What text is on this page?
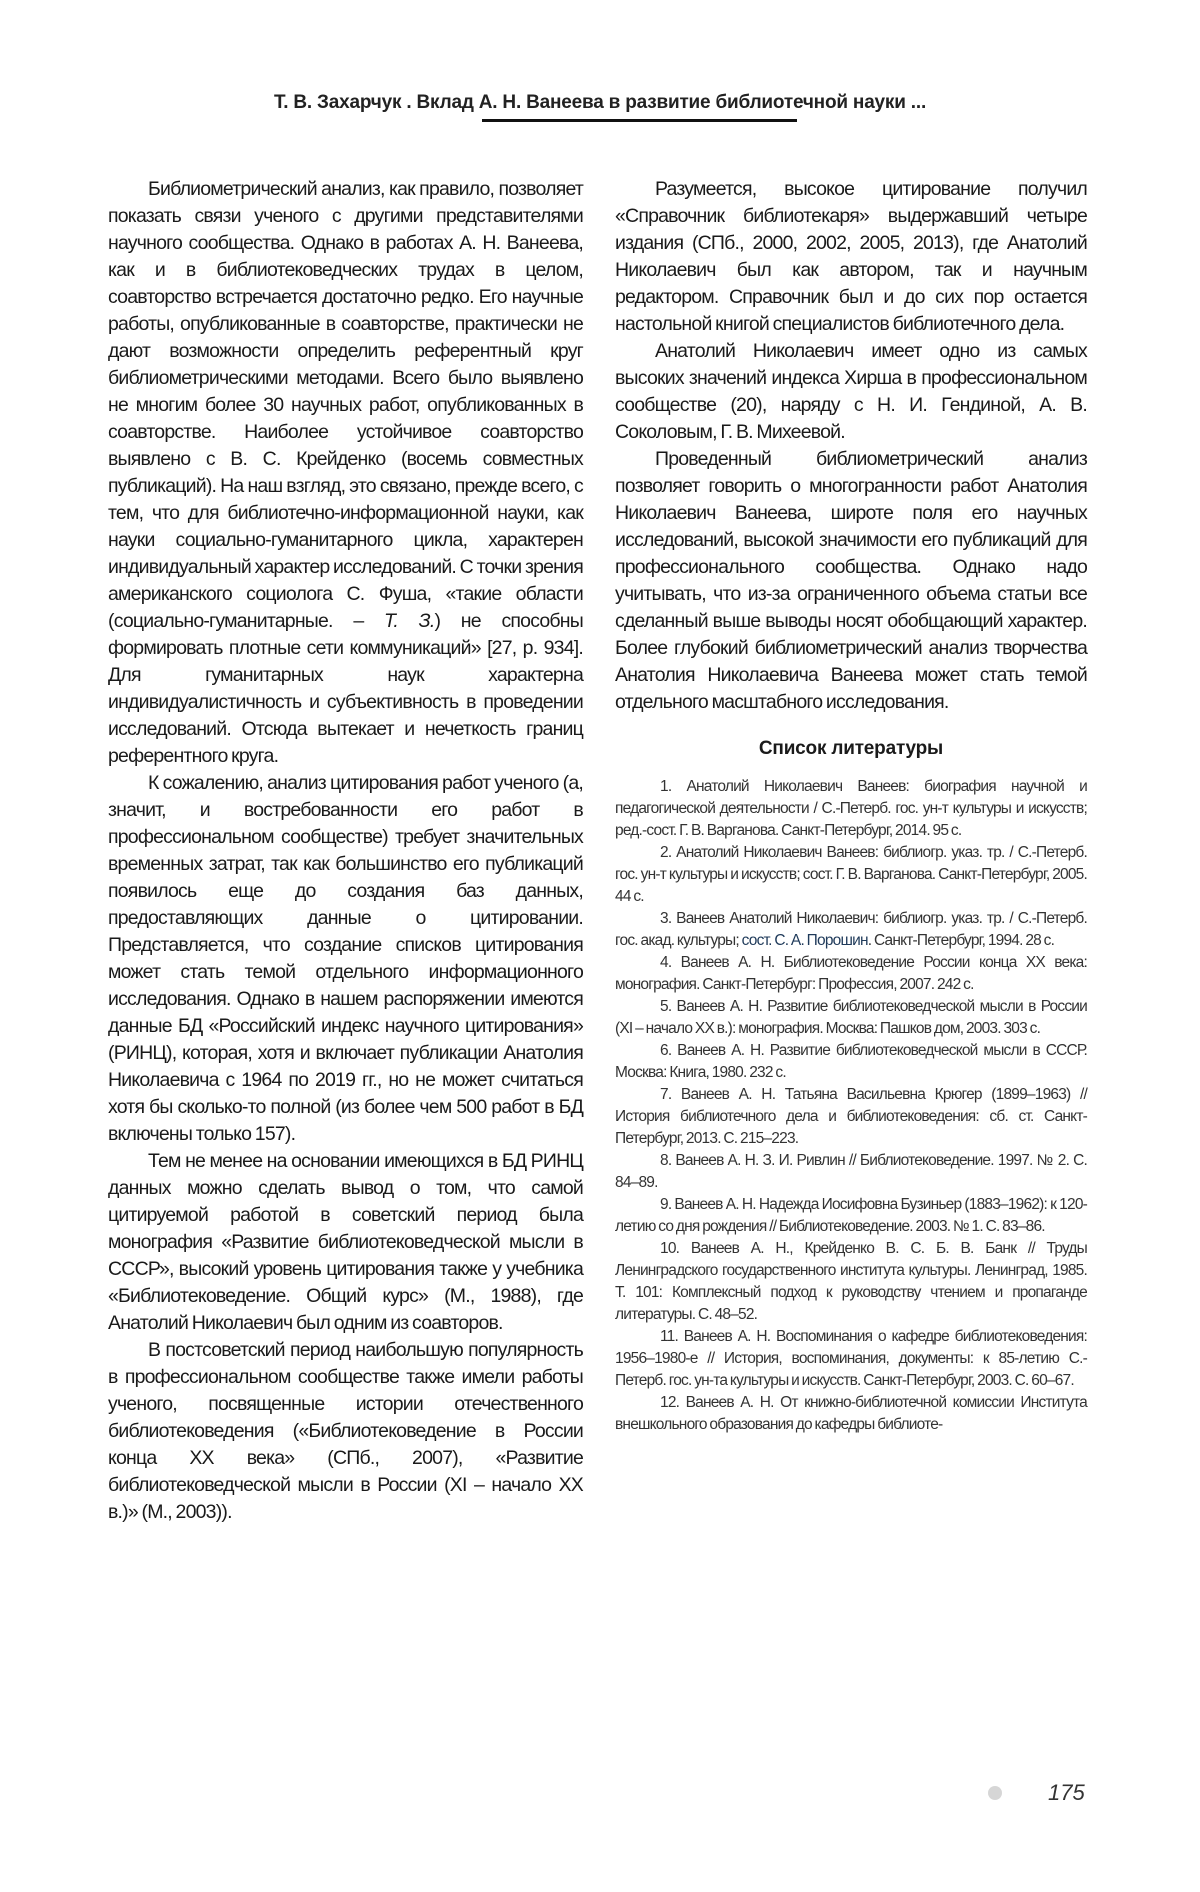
Т. В. Захарчук . Вклад А. Н. Ванеева в развитие библиотечной науки ...

Библиометрический анализ, как правило, позволяет показать связи ученого с другими представителями научного сообщества. Однако в работах А. Н. Ванеева, как и в библиотековедческих трудах в целом, соавторство встречается достаточно редко. Его научные работы, опубликованные в соавторстве, практически не дают возможности определить референтный круг библиометрическими методами. Всего было выявлено не многим более 30 научных работ, опубликованных в соавторстве. Наиболее устойчивое соавторство выявлено с В. С. Крейденко (восемь совместных публикаций). На наш взгляд, это связано, прежде всего, с тем, что для библиотечно-информационной науки, как науки социально-гуманитарного цикла, характерен индивидуальный характер исследований. С точки зрения американского социолога С. Фуша, «такие области (социально-гуманитарные. – Т. З.) не способны формировать плотные сети коммуникаций» [27, p. 934]. Для гуманитарных наук характерна индивидуалистичность и субъективность в проведении исследований. Отсюда вытекает и нечеткость границ референтного круга.

К сожалению, анализ цитирования работ ученого (а, значит, и востребованности его работ в профессиональном сообществе) требует значительных временных затрат, так как большинство его публикаций появилось еще до создания баз данных, предоставляющих данные о цитировании. Представляется, что создание списков цитирования может стать темой отдельного информационного исследования. Однако в нашем распоряжении имеются данные БД «Российский индекс научного цитирования» (РИНЦ), которая, хотя и включает публикации Анатолия Николаевича с 1964 по 2019 гг., но не может считаться хотя бы сколько-то полной (из более чем 500 работ в БД включены только 157).

Тем не менее на основании имеющихся в БД РИНЦ данных можно сделать вывод о том, что самой цитируемой работой в советский период была монография «Развитие библиотековедческой мысли в СССР», высокий уровень цитирования также у учебника «Библиотековедение. Общий курс» (М., 1988), где Анатолий Николаевич был одним из соавторов.

В постсоветский период наибольшую популярность в профессиональном сообществе также имели работы ученого, посвященные истории отечественного библиотековедения («Библиотековедение в России конца XX века» (СПб., 2007), «Развитие библиотековедческой мысли в России (XI – начало XX в.)» (М., 2003)).

Разумеется, высокое цитирование получил «Справочник библиотекаря» выдержавший четыре издания (СПб., 2000, 2002, 2005, 2013), где Анатолий Николаевич был как автором, так и научным редактором. Справочник был и до сих пор остается настольной книгой специалистов библиотечного дела.

Анатолий Николаевич имеет одно из самых высоких значений индекса Хирша в профессиональном сообществе (20), наряду с Н. И. Гендиной, А. В. Соколовым, Г. В. Михеевой.

Проведенный библиометрический анализ позволяет говорить о многогранности работ Анатолия Николаевич Ванеева, широте поля его научных исследований, высокой значимости его публикаций для профессионального сообщества. Однако надо учитывать, что из-за ограниченного объема статьи все сделанный выше выводы носят обобщающий характер. Более глубокий библиометрический анализ творчества Анатолия Николаевича Ванеева может стать темой отдельного масштабного исследования.

Список литературы

1. Анатолий Николаевич Ванеев: биография научной и педагогической деятельности / С.-Петерб. гос. ун-т культуры и искусств; ред.-сост. Г. В. Варганова. Санкт-Петербург, 2014. 95 с.

2. Анатолий Николаевич Ванеев: библиогр. указ. тр. / С.-Петерб. гос. ун-т культуры и искусств; сост. Г. В. Варганова. Санкт-Петербург, 2005. 44 с.

3. Ванеев Анатолий Николаевич: библиогр. указ. тр. / С.-Петерб. гос. акад. культуры; сост. С. А. Порошин. Санкт-Петербург, 1994. 28 с.

4. Ванеев А. Н. Библиотековедение России конца XX века: монография. Санкт-Петербург: Профессия, 2007. 242 с.

5. Ванеев А. Н. Развитие библиотековедческой мысли в России (XI – начало XX в.): монография. Москва: Пашков дом, 2003. 303 с.

6. Ванеев А. Н. Развитие библиотековедческой мысли в СССР. Москва: Книга, 1980. 232 с.

7. Ванеев А. Н. Татьяна Васильевна Крюгер (1899–1963) // История библиотечного дела и библиотековедения: сб. ст. Санкт-Петербург, 2013. С. 215–223.

8. Ванеев А. Н. З. И. Ривлин // Библиотековедение. 1997. № 2. С. 84–89.

9. Ванеев А. Н. Надежда Иосифовна Бузиньер (1883–1962): к 120-летию со дня рождения // Библиотековедение. 2003. № 1. С. 83–86.

10. Ванеев А. Н., Крейденко В. С. Б. В. Банк // Труды Ленинградского государственного института культуры. Ленинград, 1985. Т. 101: Комплексный подход к руководству чтением и пропаганде литературы. С. 48–52.

11. Ванеев А. Н. Воспоминания о кафедре библиотековедения: 1956–1980-е // История, воспоминания, документы: к 85-летию С.-Петерб. гос. ун-та культуры и искусств. Санкт-Петербург, 2003. С. 60–67.

12. Ванеев А. Н. От книжно-библиотечной комиссии Института внешкольного образования до кафедры библиоте-

175
